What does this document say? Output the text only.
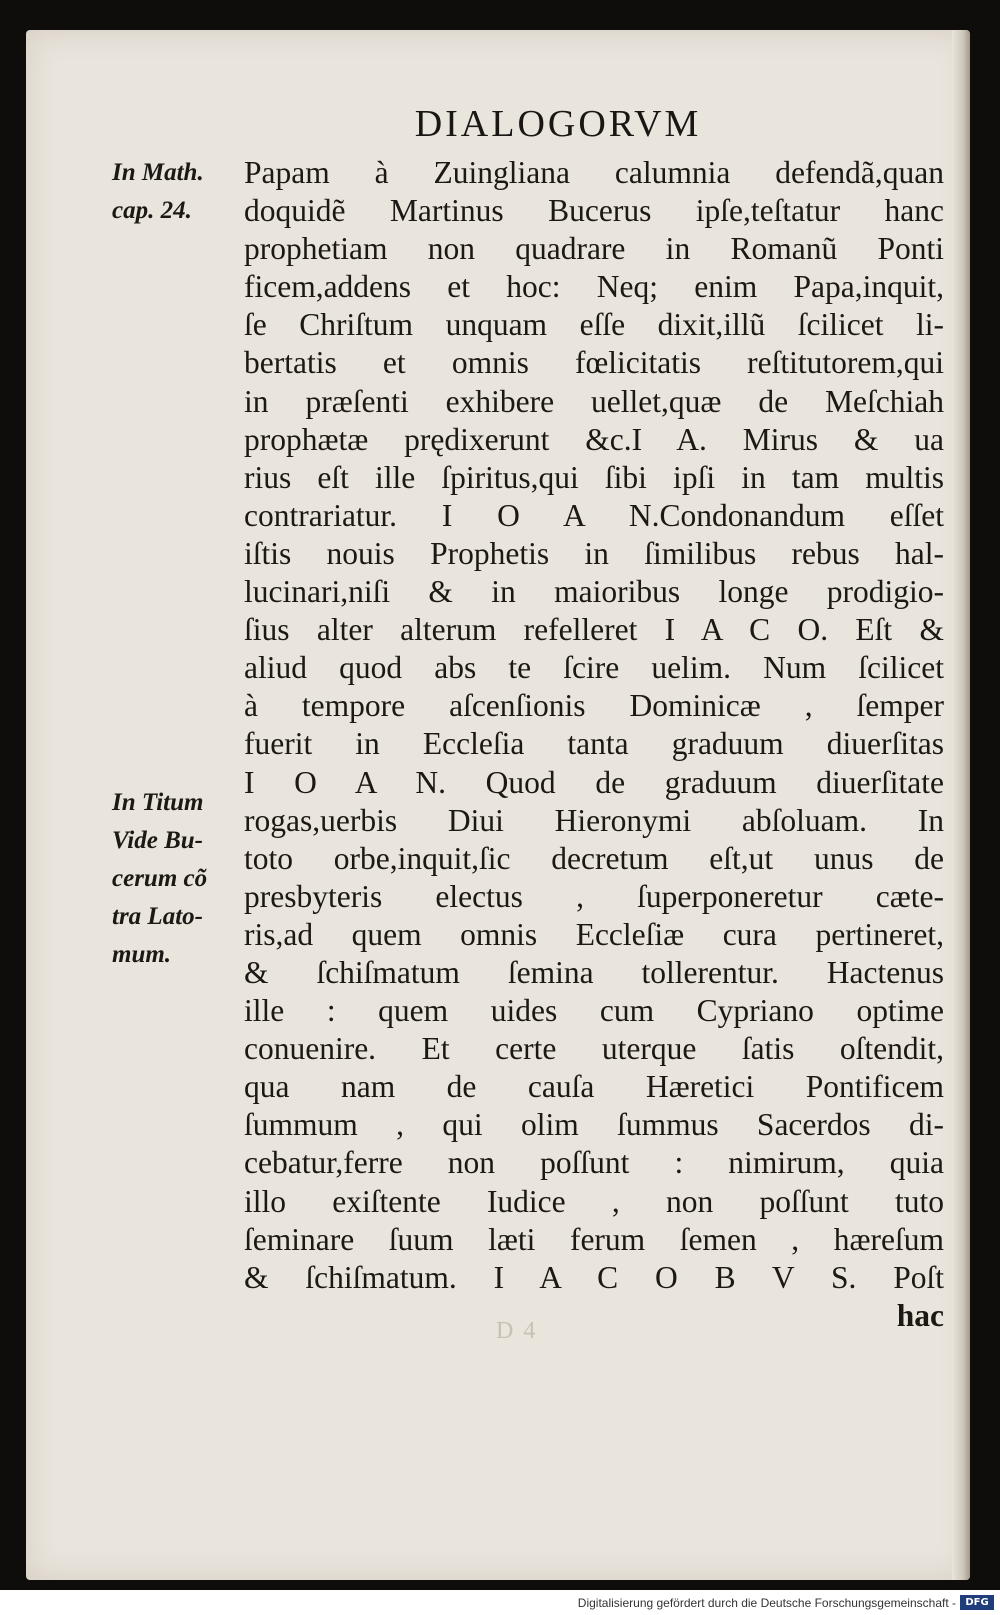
DIALOGORVM
In Math.
cap. 24.
In Titum
Vide Bu-
cerum cõ
tra Lato-
mum.
Papam à Zuingliana calumnia defendã,quan
doquidẽ Martinus Bucerus ipſe,teſtatur hanc
prophetiam non quadrare in Romanũ Ponti
ficem,addens et hoc: Neq; enim Papa,inquit,
ſe Chriſtum unquam eſſe dixit,illũ ſcilicet li-
bertatis et omnis fœlicitatis reſtitutorem,qui
in præſenti exhibere uellet,quæ de Meſchiah
prophætæ prędixerunt &c.I A. Mirus & ua
rius eſt ille ſpiritus,qui ſibi ipſi in tam multis
contrariatur. I O A N.Condonandum eſſet
iſtis nouis Prophetis in ſimilibus rebus hal-
lucinari,niſi & in maioribus longe prodigio-
ſius alter alterum refelleret I A C O. Eſt &
aliud quod abs te ſcire uelim. Num ſcilicet
à tempore aſcenſionis Dominicæ , ſemper
fuerit in Eccleſia tanta graduum diuerſitas
I O A N. Quod de graduum diuerſitate
rogas,uerbis Diui Hieronymi abſoluam. In
toto orbe,inquit,ſic decretum eſt,ut unus de
presbyteris electus , ſuperponeretur cæte-
ris,ad quem omnis Eccleſiæ cura pertineret,
& ſchiſmatum ſemina tollerentur. Hactenus
ille : quem uides cum Cypriano optime
conuenire. Et certe uterque ſatis oſtendit,
qua nam de cauſa Hæretici Pontificem
ſummum , qui olim ſummus Sacerdos di-
cebatur,ferre non poſſunt : nimirum, quia
illo exiſtente Iudice , non poſſunt tuto
ſeminare ſuum læti ferum ſemen , hæreſum
& ſchiſmatum. I A C O B V S. Poſt
hac
D 4
Digitalisierung gefördert durch die Deutsche Forschungsgemeinschaft - DFG
